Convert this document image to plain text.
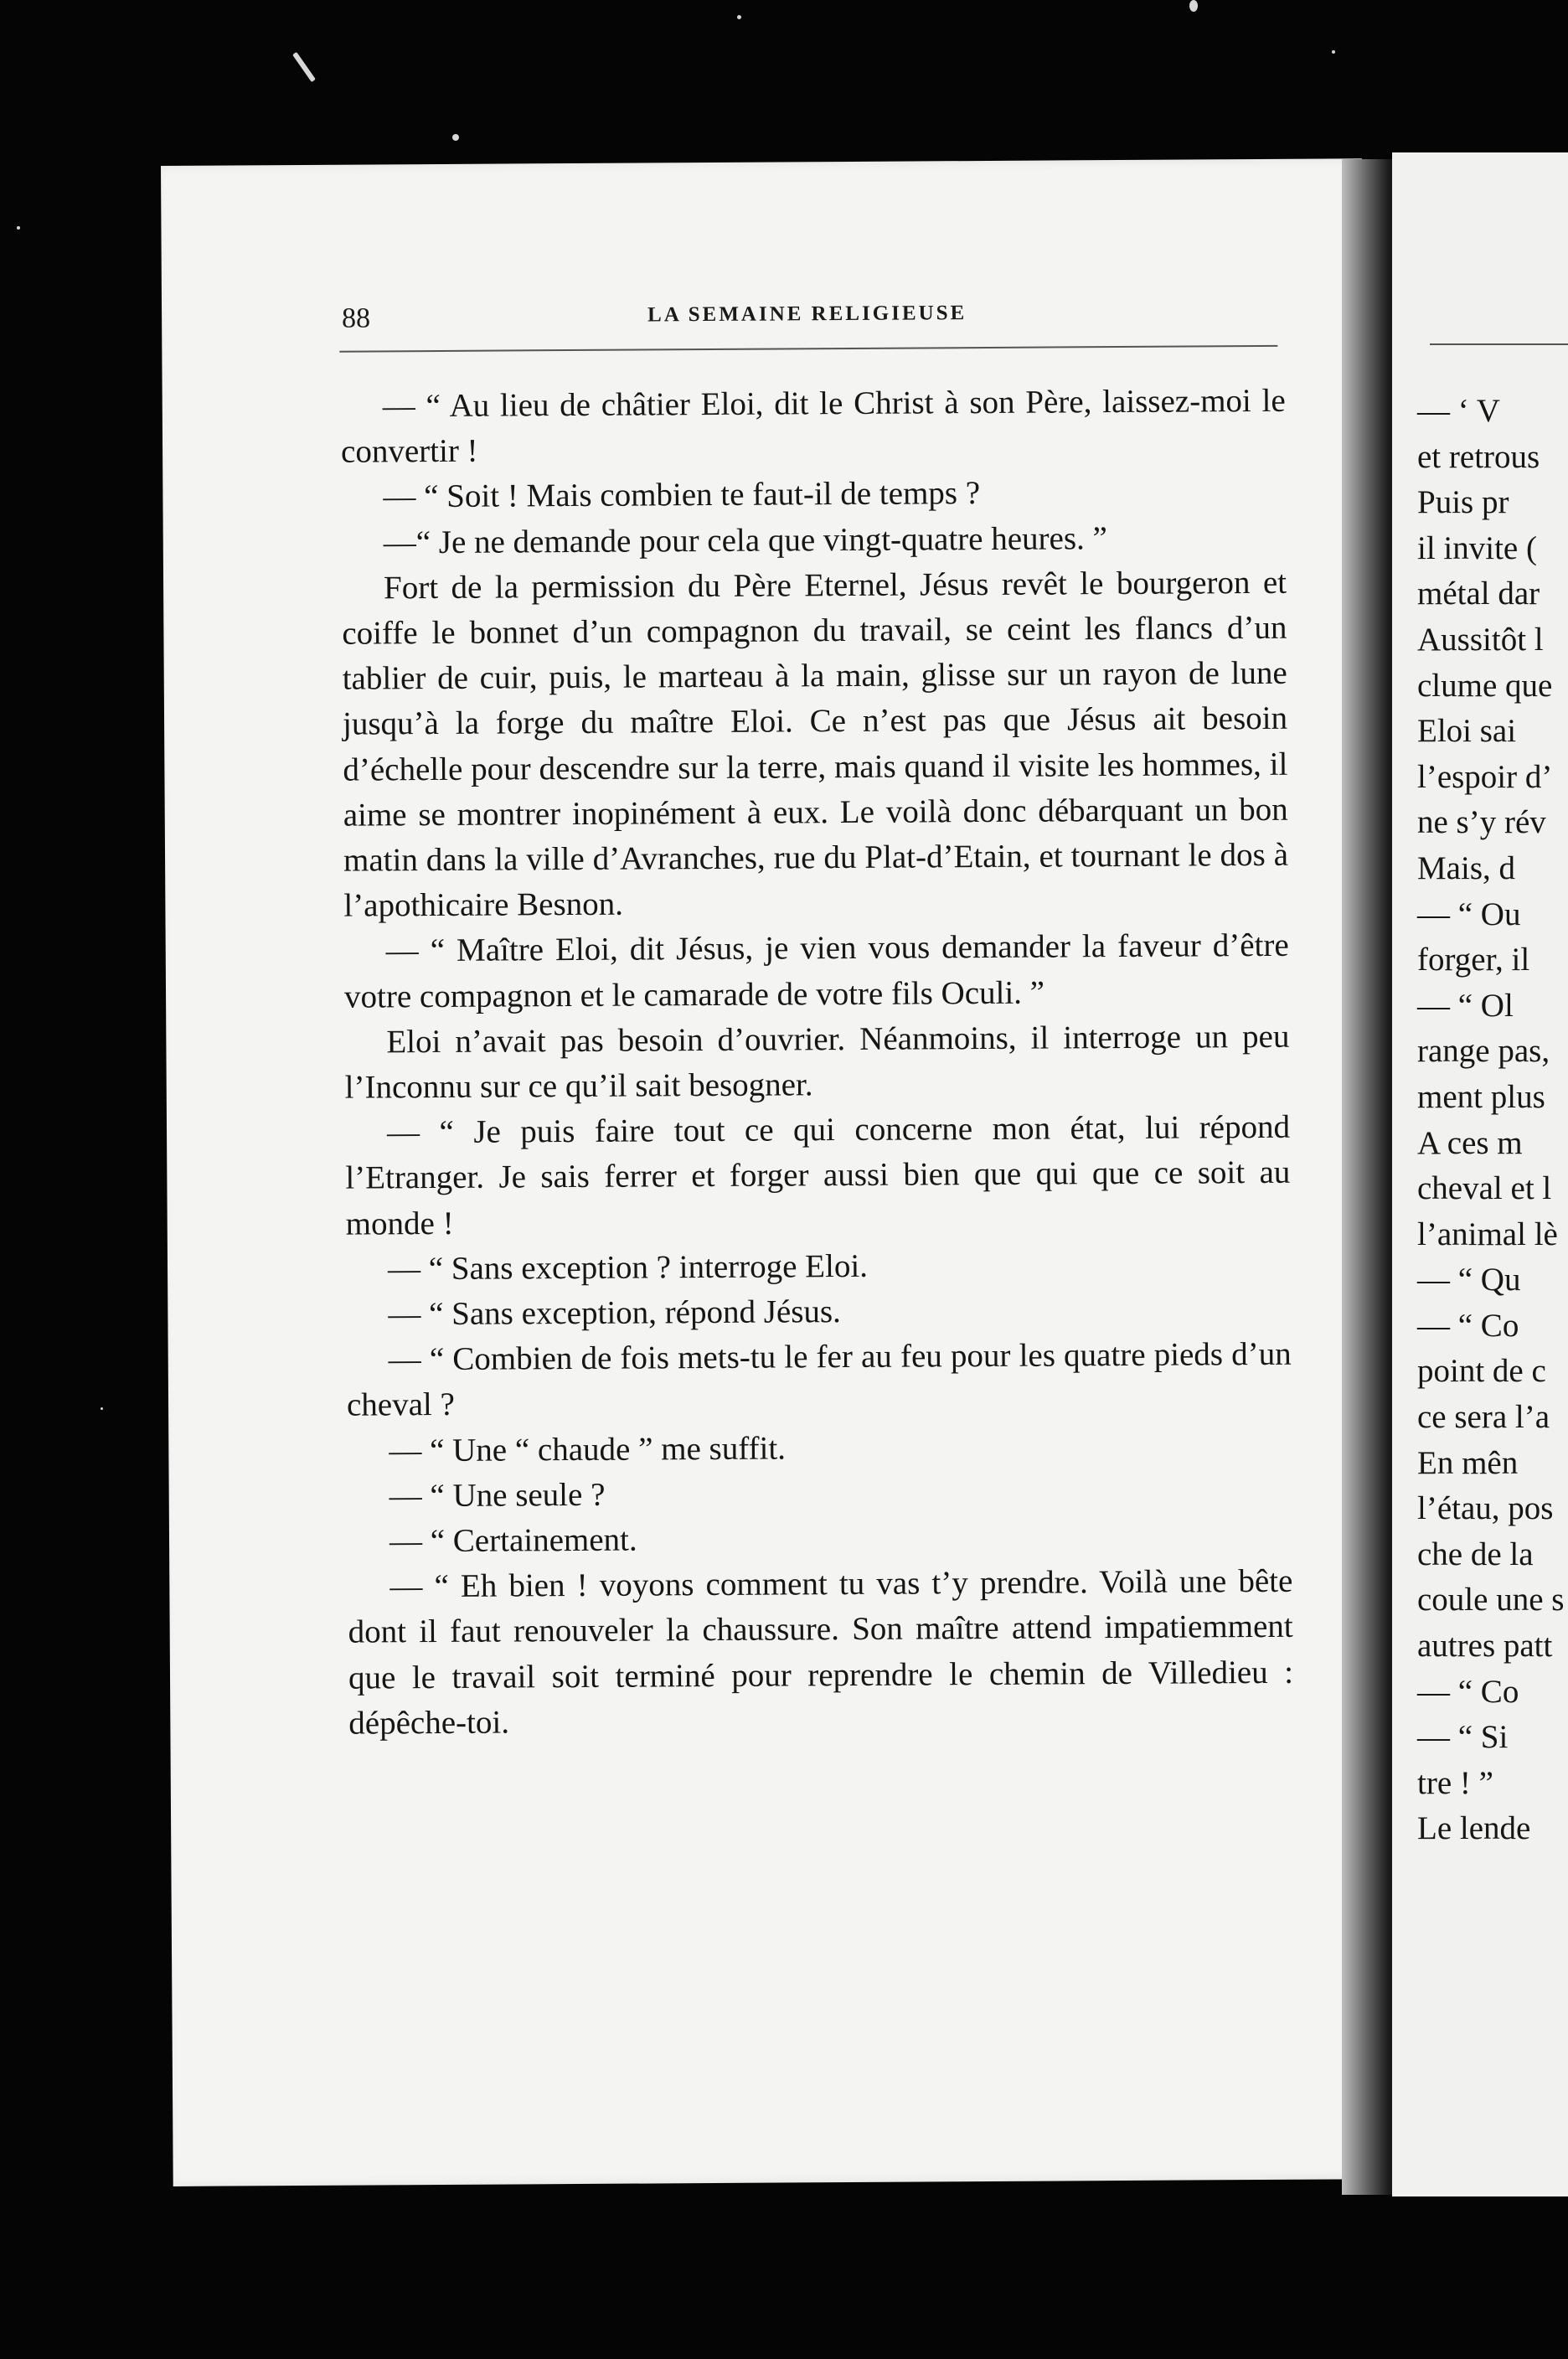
88	LA SEMAINE RELIGIEUSE

— “ Au lieu de châtier Eloi, dit le Christ à son Père, laissez-moi le convertir !

— “ Soit ! Mais combien te faut-il de temps ?

—“ Je ne demande pour cela que vingt-quatre heures. ”

Fort de la permission du Père Eternel, Jésus revêt le bourgeron et coiffe le bonnet d’un compagnon du travail, se ceint les flancs d’un tablier de cuir, puis, le marteau à la main, glisse sur un rayon de lune jusqu’à la forge du maître Eloi. Ce n’est pas que Jésus ait besoin d’échelle pour descendre sur la terre, mais quand il visite les hommes, il aime se montrer inopinément à eux. Le voilà donc débarquant un bon matin dans la ville d’Avranches, rue du Plat-d’Etain, et tournant le dos à l’apothicaire Besnon.

— “ Maître Eloi, dit Jésus, je vien vous demander la faveur d’être votre compagnon et le camarade de votre fils Oculi. ”

Eloi n’avait pas besoin d’ouvrier. Néanmoins, il interroge un peu l’Inconnu sur ce qu’il sait besogner.

— “ Je puis faire tout ce qui concerne mon état, lui répond l’Etranger. Je sais ferrer et forger aussi bien que qui que ce soit au monde !

— “ Sans exception ? interroge Eloi.

— “ Sans exception, répond Jésus.

— “ Combien de fois mets-tu le fer au feu pour les quatre pieds d’un cheval ?

— “ Une “ chaude ” me suffit.

— “ Une seule ?

— “ Certainement.

— “ Eh bien ! voyons comment tu vas t’y prendre. Voilà une bête dont il faut renouveler la chaussure. Son maître attend impatiemment que le travail soit terminé pour reprendre le chemin de Villedieu : dépêche-toi.

— ‘ V
et retrous
Puis pr
il invite (
métal dar
Aussitôt l
clume que
Eloi sai
l’espoir d’
ne s’y rév
Mais, d
— “ Ou
forger, il
— “ Ol
range pas,
ment plus
A ces m
cheval et l
l’animal lè
— “ Qu
— “ Co
point de c
ce sera l’a
En mên
l’étau, pos
che de la
coule une s
autres patt
— “ Co
— “ Si
tre ! ”
Le lende
